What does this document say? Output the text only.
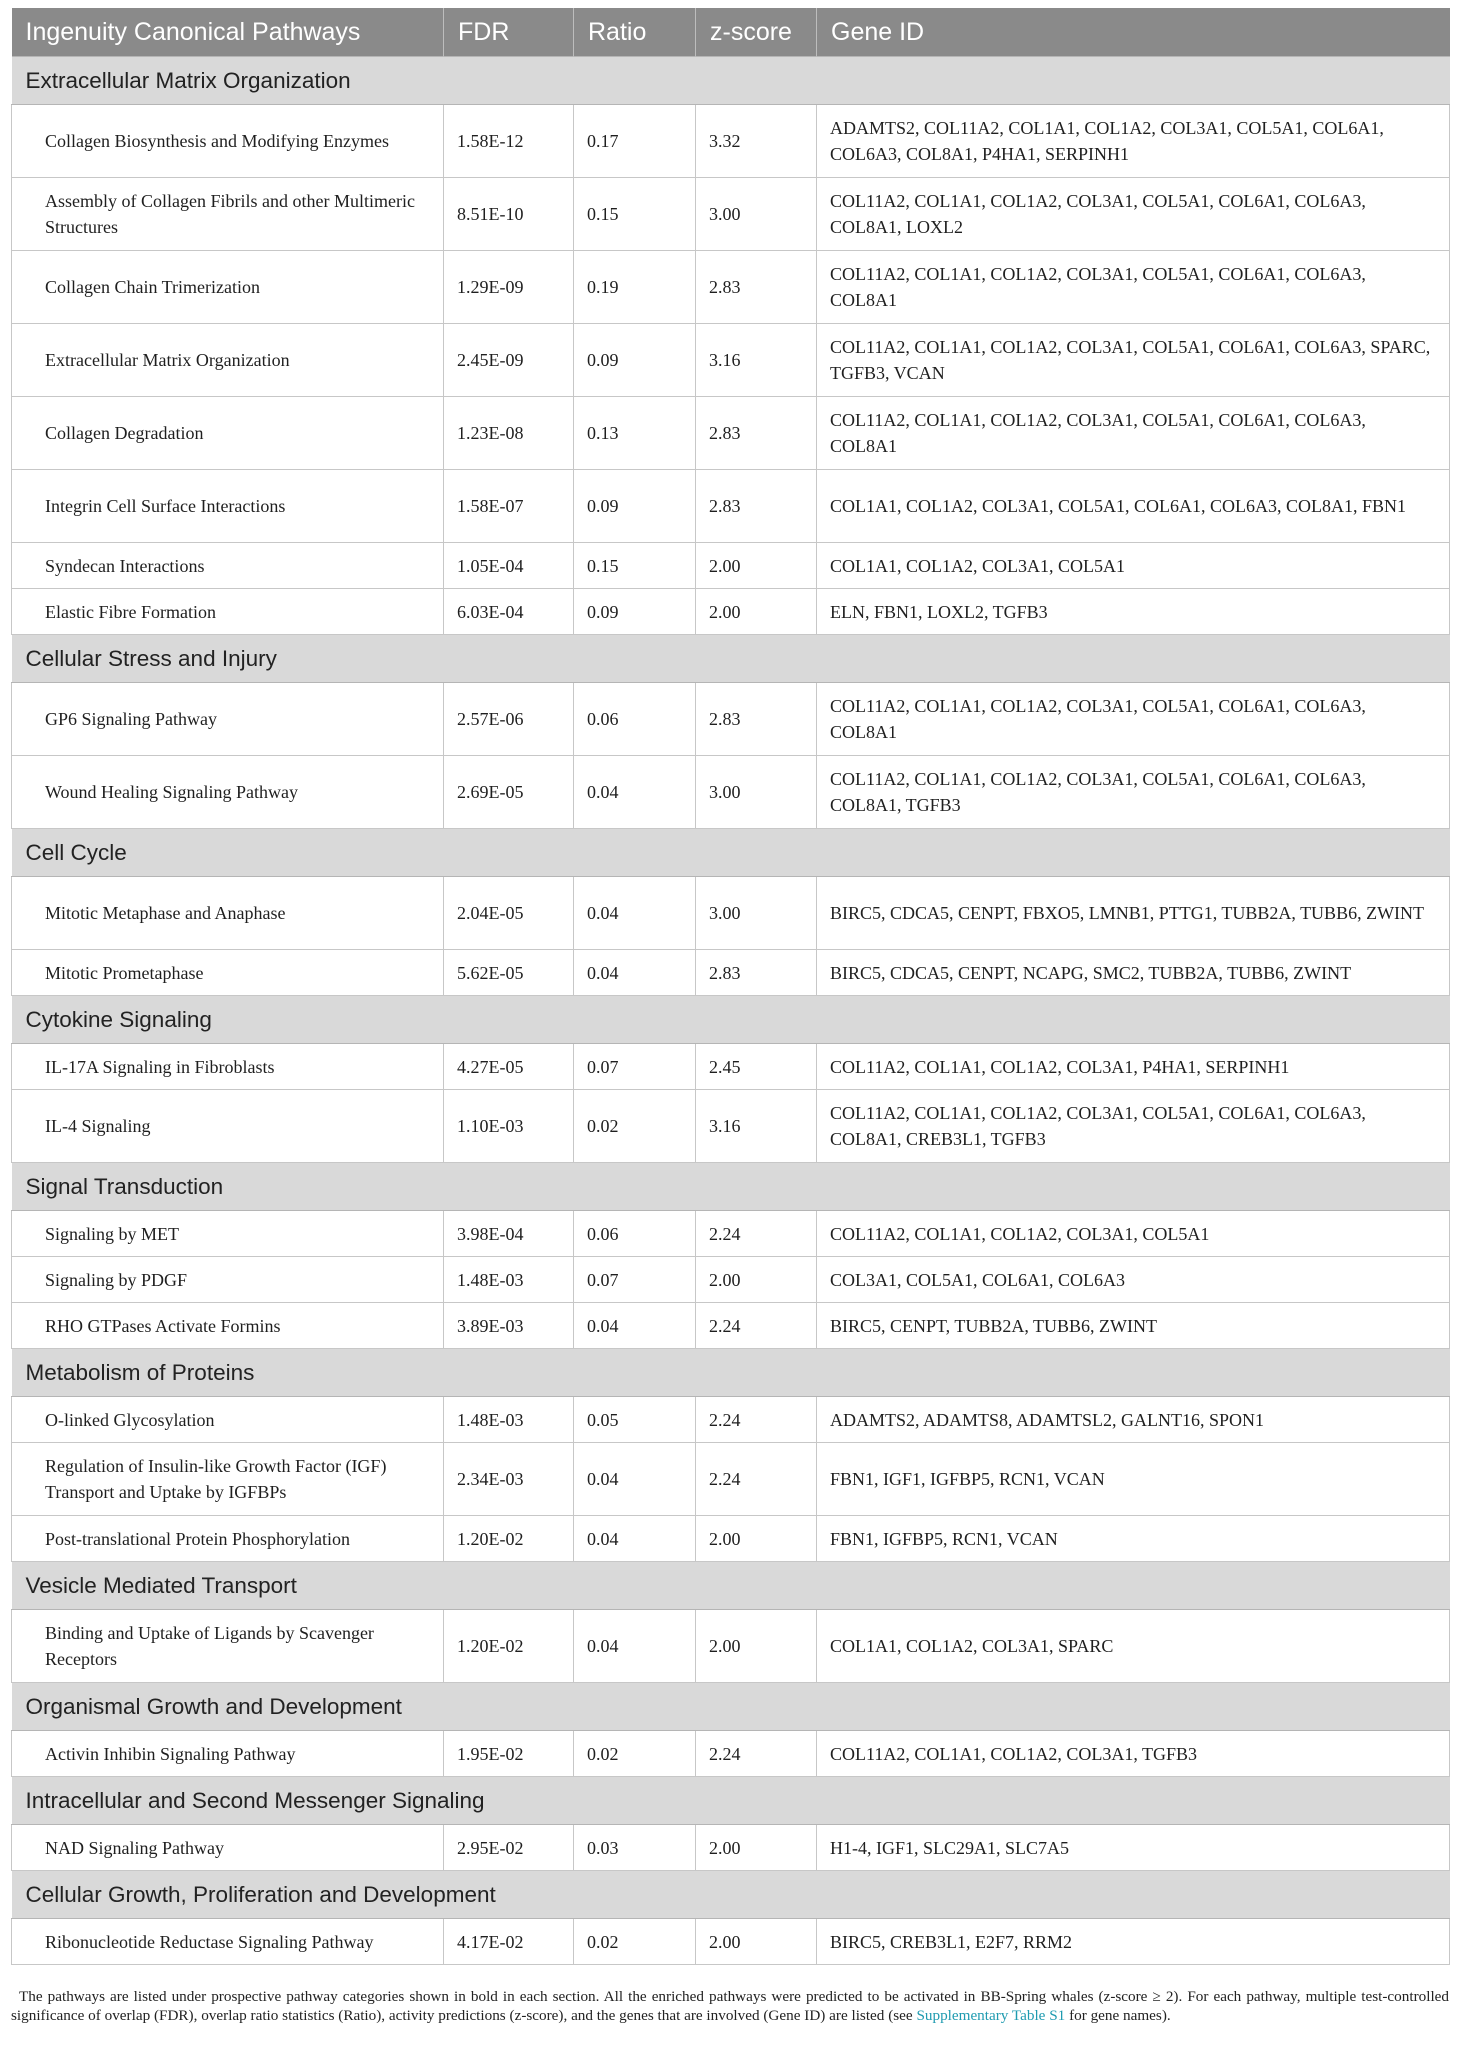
Ingenuity Canonical Pathways	FDR	Ratio	z-score	Gene ID
Extracellular Matrix Organization				
Collagen Biosynthesis and Modifying Enzymes	1.58E-12	0.17	3.32	ADAMTS2, COL11A2, COL1A1, COL1A2, COL3A1, COL5A1, COL6A1, COL6A3, COL8A1, P4HA1, SERPINH1
Assembly of Collagen Fibrils and other Multimeric Structures	8.51E-10	0.15	3.00	COL11A2, COL1A1, COL1A2, COL3A1, COL5A1, COL6A1, COL6A3, COL8A1, LOXL2
Collagen Chain Trimerization	1.29E-09	0.19	2.83	COL11A2, COL1A1, COL1A2, COL3A1, COL5A1, COL6A1, COL6A3, COL8A1
Extracellular Matrix Organization	2.45E-09	0.09	3.16	COL11A2, COL1A1, COL1A2, COL3A1, COL5A1, COL6A1, COL6A3, SPARC, TGFB3, VCAN
Collagen Degradation	1.23E-08	0.13	2.83	COL11A2, COL1A1, COL1A2, COL3A1, COL5A1, COL6A1, COL6A3, COL8A1
Integrin Cell Surface Interactions	1.58E-07	0.09	2.83	COL1A1, COL1A2, COL3A1, COL5A1, COL6A1, COL6A3, COL8A1, FBN1
Syndecan Interactions	1.05E-04	0.15	2.00	COL1A1, COL1A2, COL3A1, COL5A1
Elastic Fibre Formation	6.03E-04	0.09	2.00	ELN, FBN1, LOXL2, TGFB3
Cellular Stress and Injury				
GP6 Signaling Pathway	2.57E-06	0.06	2.83	COL11A2, COL1A1, COL1A2, COL3A1, COL5A1, COL6A1, COL6A3, COL8A1
Wound Healing Signaling Pathway	2.69E-05	0.04	3.00	COL11A2, COL1A1, COL1A2, COL3A1, COL5A1, COL6A1, COL6A3, COL8A1, TGFB3
Cell Cycle				
Mitotic Metaphase and Anaphase	2.04E-05	0.04	3.00	BIRC5, CDCA5, CENPT, FBXO5, LMNB1, PTTG1, TUBB2A, TUBB6, ZWINT
Mitotic Prometaphase	5.62E-05	0.04	2.83	BIRC5, CDCA5, CENPT, NCAPG, SMC2, TUBB2A, TUBB6, ZWINT
Cytokine Signaling				
IL-17A Signaling in Fibroblasts	4.27E-05	0.07	2.45	COL11A2, COL1A1, COL1A2, COL3A1, P4HA1, SERPINH1
IL-4 Signaling	1.10E-03	0.02	3.16	COL11A2, COL1A1, COL1A2, COL3A1, COL5A1, COL6A1, COL6A3, COL8A1, CREB3L1, TGFB3
Signal Transduction				
Signaling by MET	3.98E-04	0.06	2.24	COL11A2, COL1A1, COL1A2, COL3A1, COL5A1
Signaling by PDGF	1.48E-03	0.07	2.00	COL3A1, COL5A1, COL6A1, COL6A3
RHO GTPases Activate Formins	3.89E-03	0.04	2.24	BIRC5, CENPT, TUBB2A, TUBB6, ZWINT
Metabolism of Proteins				
O-linked Glycosylation	1.48E-03	0.05	2.24	ADAMTS2, ADAMTS8, ADAMTSL2, GALNT16, SPON1
Regulation of Insulin-like Growth Factor (IGF) Transport and Uptake by IGFBPs	2.34E-03	0.04	2.24	FBN1, IGF1, IGFBP5, RCN1, VCAN
Post-translational Protein Phosphorylation	1.20E-02	0.04	2.00	FBN1, IGFBP5, RCN1, VCAN
Vesicle Mediated Transport				
Binding and Uptake of Ligands by Scavenger Receptors	1.20E-02	0.04	2.00	COL1A1, COL1A2, COL3A1, SPARC
Organismal Growth and Development				
Activin Inhibin Signaling Pathway	1.95E-02	0.02	2.24	COL11A2, COL1A1, COL1A2, COL3A1, TGFB3
Intracellular and Second Messenger Signaling				
NAD Signaling Pathway	2.95E-02	0.03	2.00	H1-4, IGF1, SLC29A1, SLC7A5
Cellular Growth, Proliferation and Development				
Ribonucleotide Reductase Signaling Pathway	4.17E-02	0.02	2.00	BIRC5, CREB3L1, E2F7, RRM2

The pathways are listed under prospective pathway categories shown in bold in each section. All the enriched pathways were predicted to be activated in BB-Spring whales (z-score ≥ 2). For each pathway, multiple test-controlled significance of overlap (FDR), overlap ratio statistics (Ratio), activity predictions (z-score), and the genes that are involved (Gene ID) are listed (see Supplementary Table S1 for gene names).
